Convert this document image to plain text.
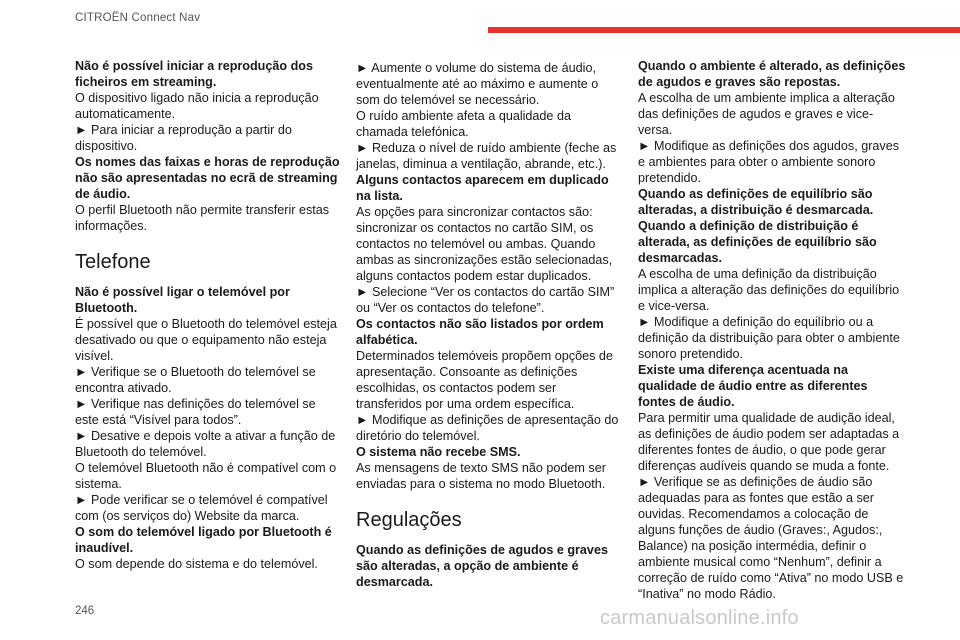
CITROËN Connect Nav

Não é possível iniciar a reprodução dos ficheiros em streaming.

O dispositivo ligado não inicia a reprodução automaticamente.

► Para iniciar a reprodução a partir do dispositivo.

Os nomes das faixas e horas de reprodução não são apresentadas no ecrã de streaming de áudio.

O perfil Bluetooth não permite transferir estas informações.

Telefone

Não é possível ligar o telemóvel por Bluetooth.

É possível que o Bluetooth do telemóvel esteja desativado ou que o equipamento não esteja visível.

► Verifique se o Bluetooth do telemóvel se encontra ativado.

► Verifique nas definições do telemóvel se este está “Visível para todos”.

► Desative e depois volte a ativar a função de Bluetooth do telemóvel.

O telemóvel Bluetooth não é compatível com o sistema.

► Pode verificar se o telemóvel é compatível com (os serviços do) Website da marca.

O som do telemóvel ligado por Bluetooth é inaudível.

O som depende do sistema e do telemóvel.

► Aumente o volume do sistema de áudio, eventualmente até ao máximo e aumente o som do telemóvel se necessário.

O ruído ambiente afeta a qualidade da chamada telefónica.

► Reduza o nível de ruído ambiente (feche as janelas, diminua a ventilação, abrande, etc.).

Alguns contactos aparecem em duplicado na lista.

As opções para sincronizar contactos são: sincronizar os contactos no cartão SIM, os contactos no telemóvel ou ambas. Quando ambas as sincronizações estão selecionadas, alguns contactos podem estar duplicados.

► Selecione “Ver os contactos do cartão SIM” ou “Ver os contactos do telefone”.

Os contactos não são listados por ordem alfabética.

Determinados telemóveis propõem opções de apresentação. Consoante as definições escolhidas, os contactos podem ser transferidos por uma ordem específica.

► Modifique as definições de apresentação do diretório do telemóvel.

O sistema não recebe SMS.

As mensagens de texto SMS não podem ser enviadas para o sistema no modo Bluetooth.

Regulações

Quando as definições de agudos e graves são alteradas, a opção de ambiente é desmarcada.

Quando o ambiente é alterado, as definições de agudos e graves são repostas.

A escolha de um ambiente implica a alteração das definições de agudos e graves e vice-versa.

► Modifique as definições dos agudos, graves e ambientes para obter o ambiente sonoro pretendido.

Quando as definições de equilíbrio são alteradas, a distribuição é desmarcada.

Quando a definição de distribuição é alterada, as definições de equilíbrio são desmarcadas.

A escolha de uma definição da distribuição implica a alteração das definições do equilíbrio e vice-versa.

► Modifique a definição do equilíbrio ou a definição da distribuição para obter o ambiente sonoro pretendido.

Existe uma diferença acentuada na qualidade de áudio entre as diferentes fontes de áudio.

Para permitir uma qualidade de audição ideal, as definições de áudio podem ser adaptadas a diferentes fontes de áudio, o que pode gerar diferenças audíveis quando se muda a fonte.

► Verifique se as definições de áudio são adequadas para as fontes que estão a ser ouvidas. Recomendamos a colocação de alguns funções de áudio (Graves:, Agudos:, Balance) na posição intermédia, definir o ambiente musical como “Nenhum”, definir a correção de ruído como “Ativa” no modo USB e “Inativa” no modo Rádio.

246	carmanualsonline.info
